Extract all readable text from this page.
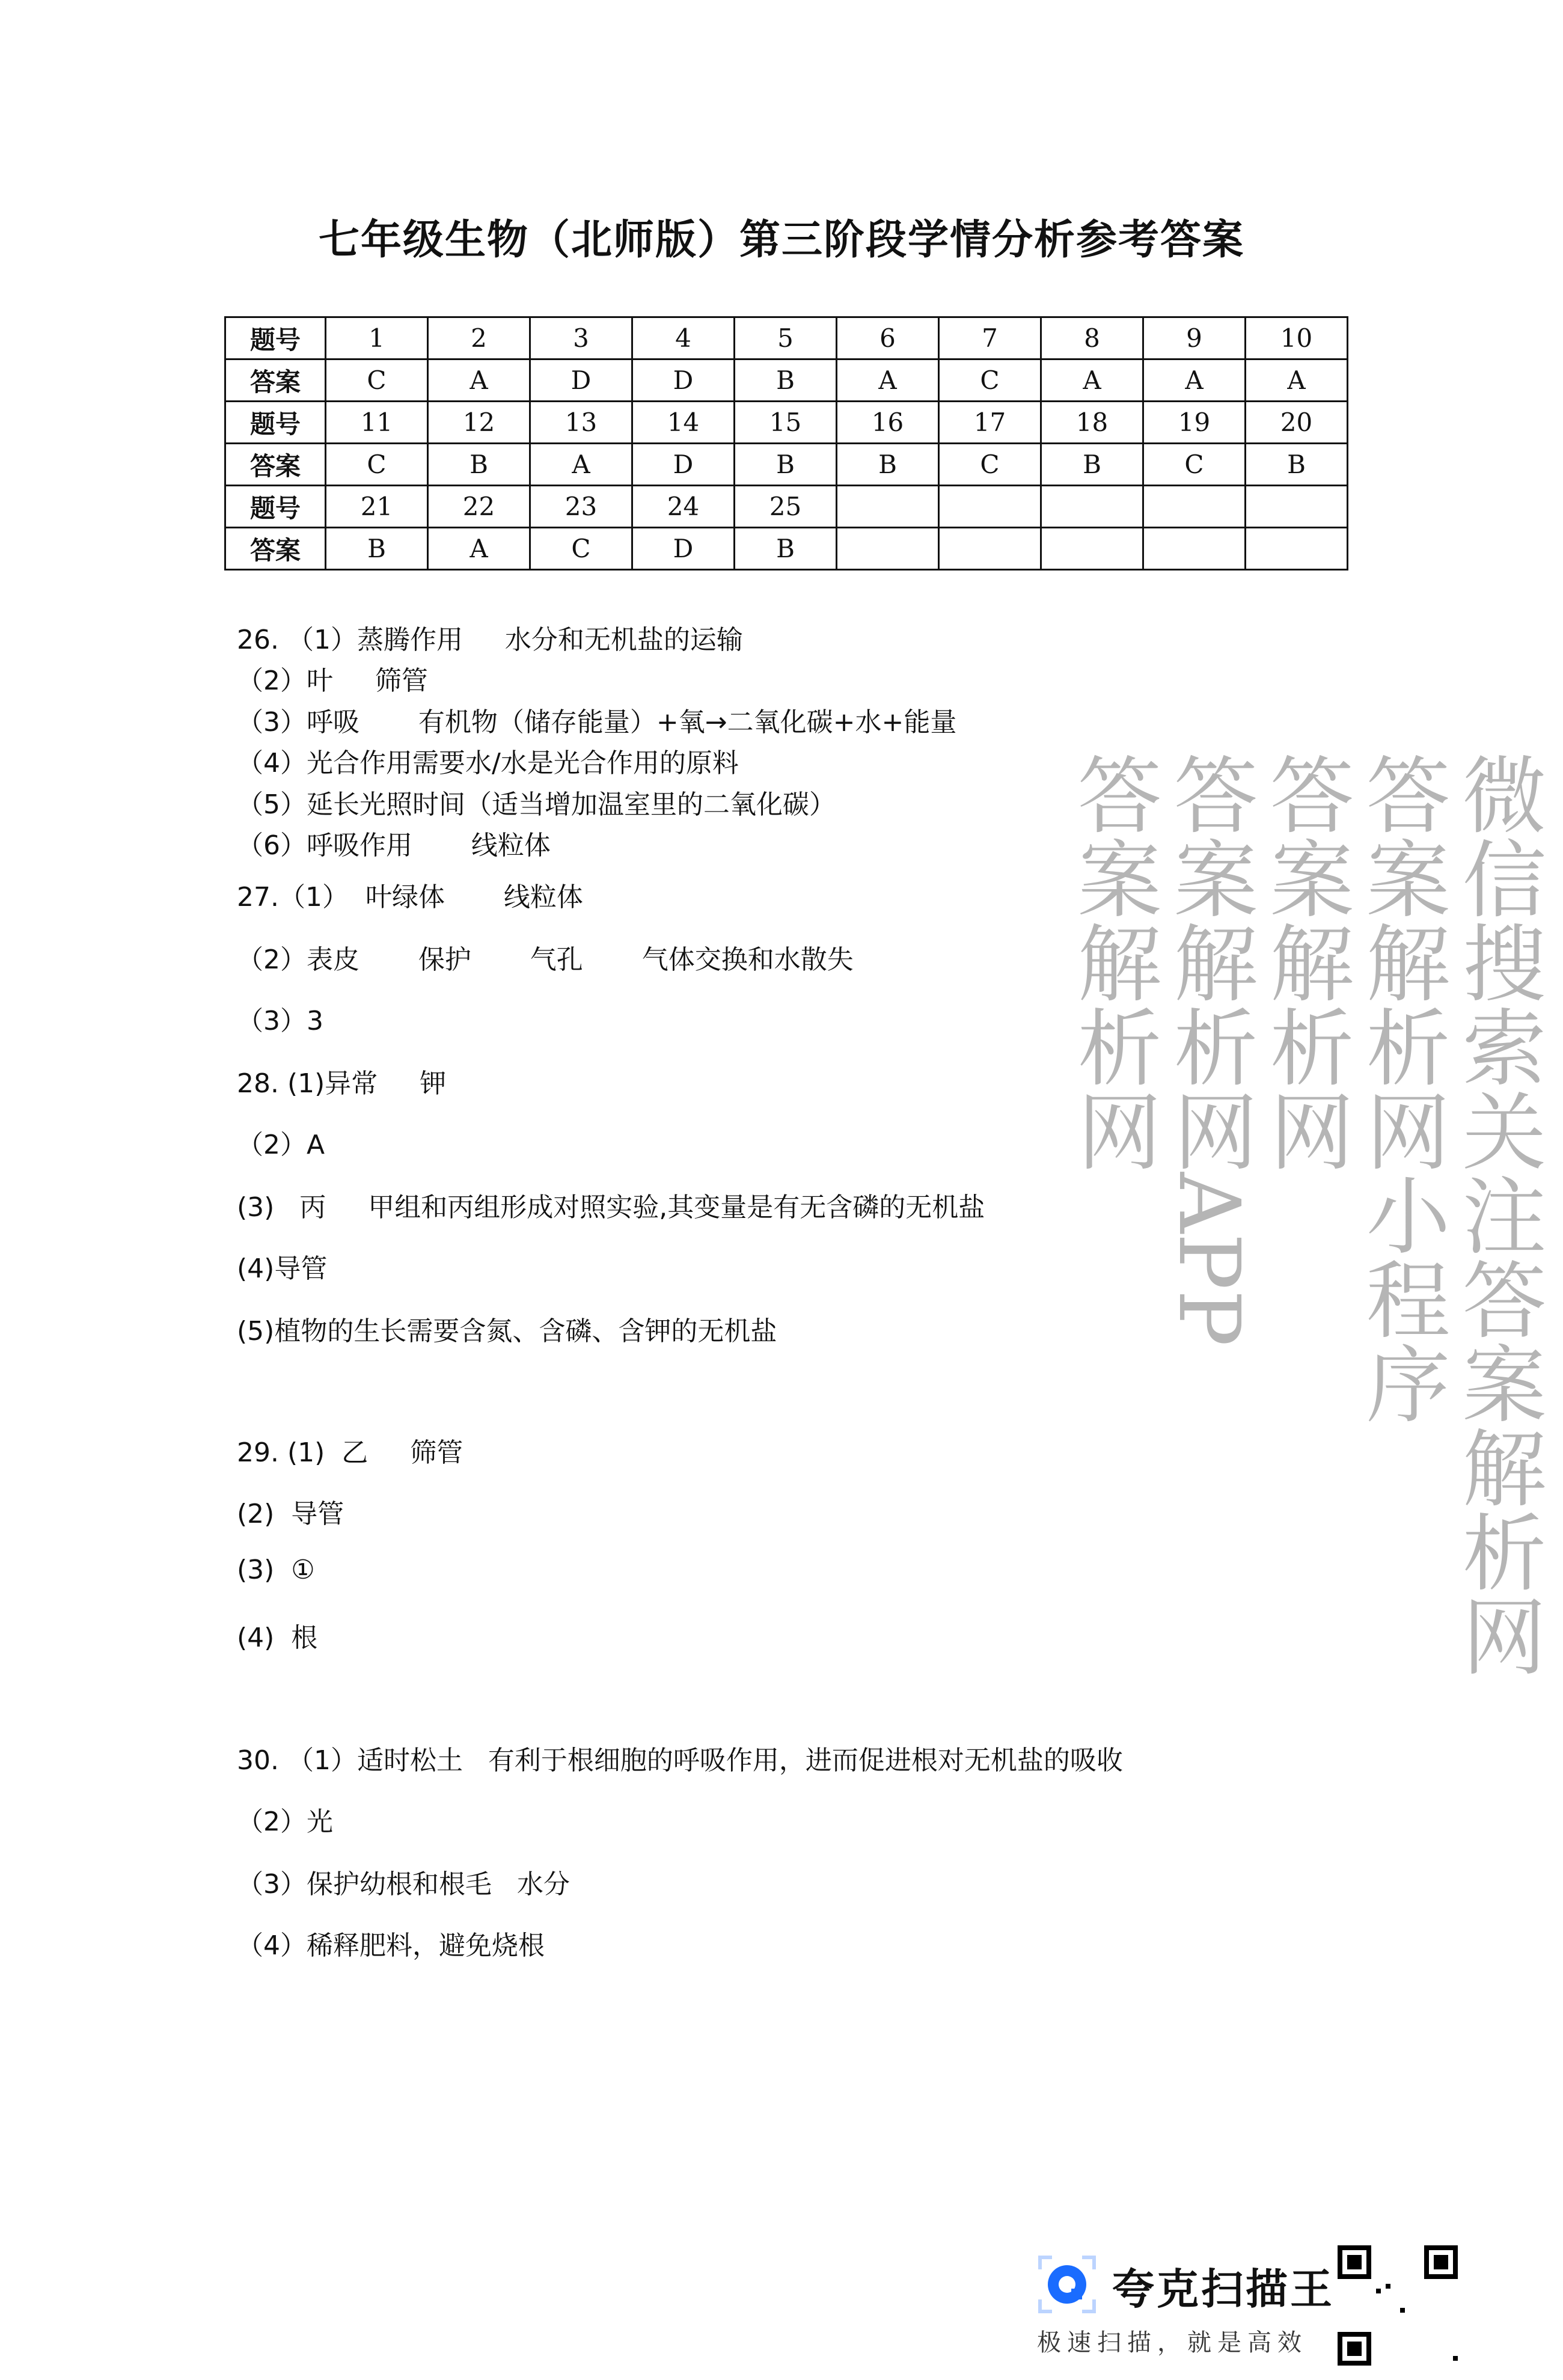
七年级生物（北师版）第三阶段学情分析参考答案
题号	1	2	3	4	5	6	7	8	9	10
答案	C	A	D	D	B	A	C	A	A	A
题号	11	12	13	14	15	16	17	18	19	20
答案	C	B	A	D	B	B	C	B	C	B
题号	21	22	23	24	25					
答案	B	A	C	D	B					
26. （1）蒸腾作用     水分和无机盐的运输
（2）叶     筛管
（3）呼吸       有机物（储存能量）+氧→二氧化碳+水+能量
（4）光合作用需要水/水是光合作用的原料
（5）延长光照时间（适当增加温室里的二氧化碳）
（6）呼吸作用       线粒体
27.（1）  叶绿体       线粒体
（2）表皮       保护       气孔       气体交换和水散失
（3）3
28. (1)异常     钾
（2）A
(3)   丙     甲组和丙组形成对照实验,其变量是有无含磷的无机盐
(4)导管
(5)植物的生长需要含氮、含磷、含钾的无机盐
29. (1)  乙     筛管
(2)  导管
(3)  ①
(4)  根
30. （1）适时松土   有利于根细胞的呼吸作用，进而促进根对无机盐的吸收
（2）光
（3）保护幼根和根毛   水分
（4）稀释肥料，避免烧根
答案解析网
答案解析网APP
答案解析网
答案解析网小程序
微信搜索关注答案解析网
夸克扫描王
极速扫描，就是高效
